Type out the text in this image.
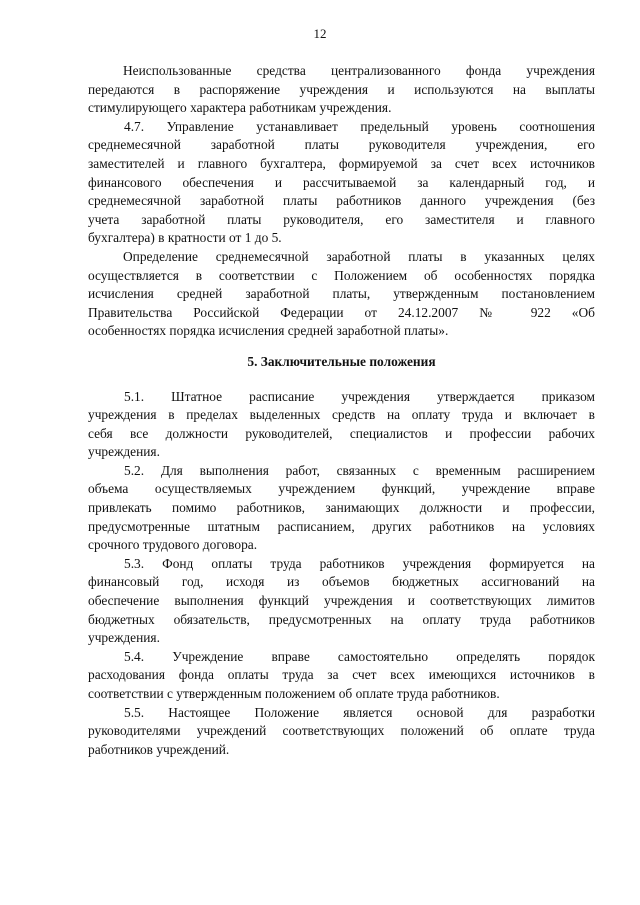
12
Неиспользованные средства централизованного фонда учреждения
передаются в распоряжение учреждения и используются на выплаты
стимулирующего характера работникам учреждения.
4.7. Управление устанавливает предельный уровень соотношения
среднемесячной заработной платы руководителя учреждения, его
заместителей и главного бухгалтера, формируемой за счет всех источников
финансового обеспечения и рассчитываемой за календарный год, и
среднемесячной заработной платы работников данного учреждения (без
учета заработной платы руководителя, его заместителя и главного
бухгалтера) в кратности от 1 до 5.
Определение среднемесячной заработной платы в указанных целях
осуществляется в соответствии с Положением об особенностях порядка
исчисления средней заработной платы, утвержденным постановлением
Правительства Российской Федерации от 24.12.2007 № 922 «Об
особенностях порядка исчисления средней заработной платы».
5. Заключительные положения
5.1. Штатное расписание учреждения утверждается приказом
учреждения в пределах выделенных средств на оплату труда и включает в
себя все должности руководителей, специалистов и профессии рабочих
учреждения.
5.2. Для выполнения работ, связанных с временным расширением
объема осуществляемых учреждением функций, учреждение вправе
привлекать помимо работников, занимающих должности и профессии,
предусмотренные штатным расписанием, других работников на условиях
срочного трудового договора.
5.3. Фонд оплаты труда работников учреждения формируется на
финансовый год, исходя из объемов бюджетных ассигнований на
обеспечение выполнения функций учреждения и соответствующих лимитов
бюджетных обязательств, предусмотренных на оплату труда работников
учреждения.
5.4. Учреждение вправе самостоятельно определять порядок
расходования фонда оплаты труда за счет всех имеющихся источников в
соответствии с утвержденным положением об оплате труда работников.
5.5. Настоящее Положение является основой для разработки
руководителями учреждений соответствующих положений об оплате труда
работников учреждений.
